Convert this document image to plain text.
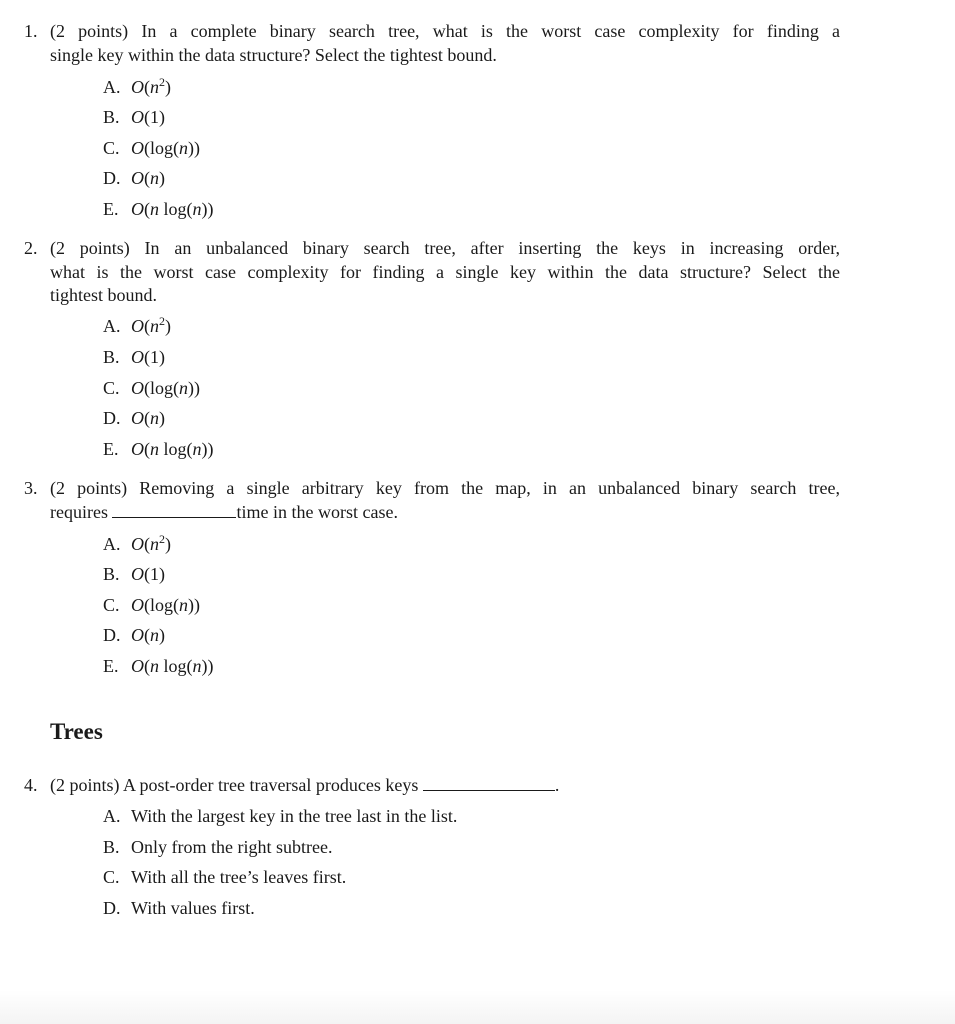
1. (2 points) In a complete binary search tree, what is the worst case complexity for finding a
single key within the data structure? Select the tightest bound.
A. $O(n^2)$
B. O(1)
C. O(log(n))
D. O(n)
E. O(n log(n))
2. (2 points) In an unbalanced binary search tree, after inserting the keys in increasing order,
what is the worst case complexity for finding a single key within the data structure? Select the
tightest bound.
A. $O(n^2)$
B. O(1)
C. O(log(n))
D. O(n)
E. O(n log(n))
3. (2 points) Removing a single arbitrary key from the map, in an unbalanced binary search tree,
requires	time in the worst case.
A. $O(n^2)$
B. O(1)
C. O(log(n))
D. O(n)
E. O(n log(n))
Trees
4. (2 points) A post-order tree traversal produces keys	.
A. With the largest key in the tree last in the list.
B. Only from the right subtree.
C. With all the tree’s leaves first.
D. With values first.
